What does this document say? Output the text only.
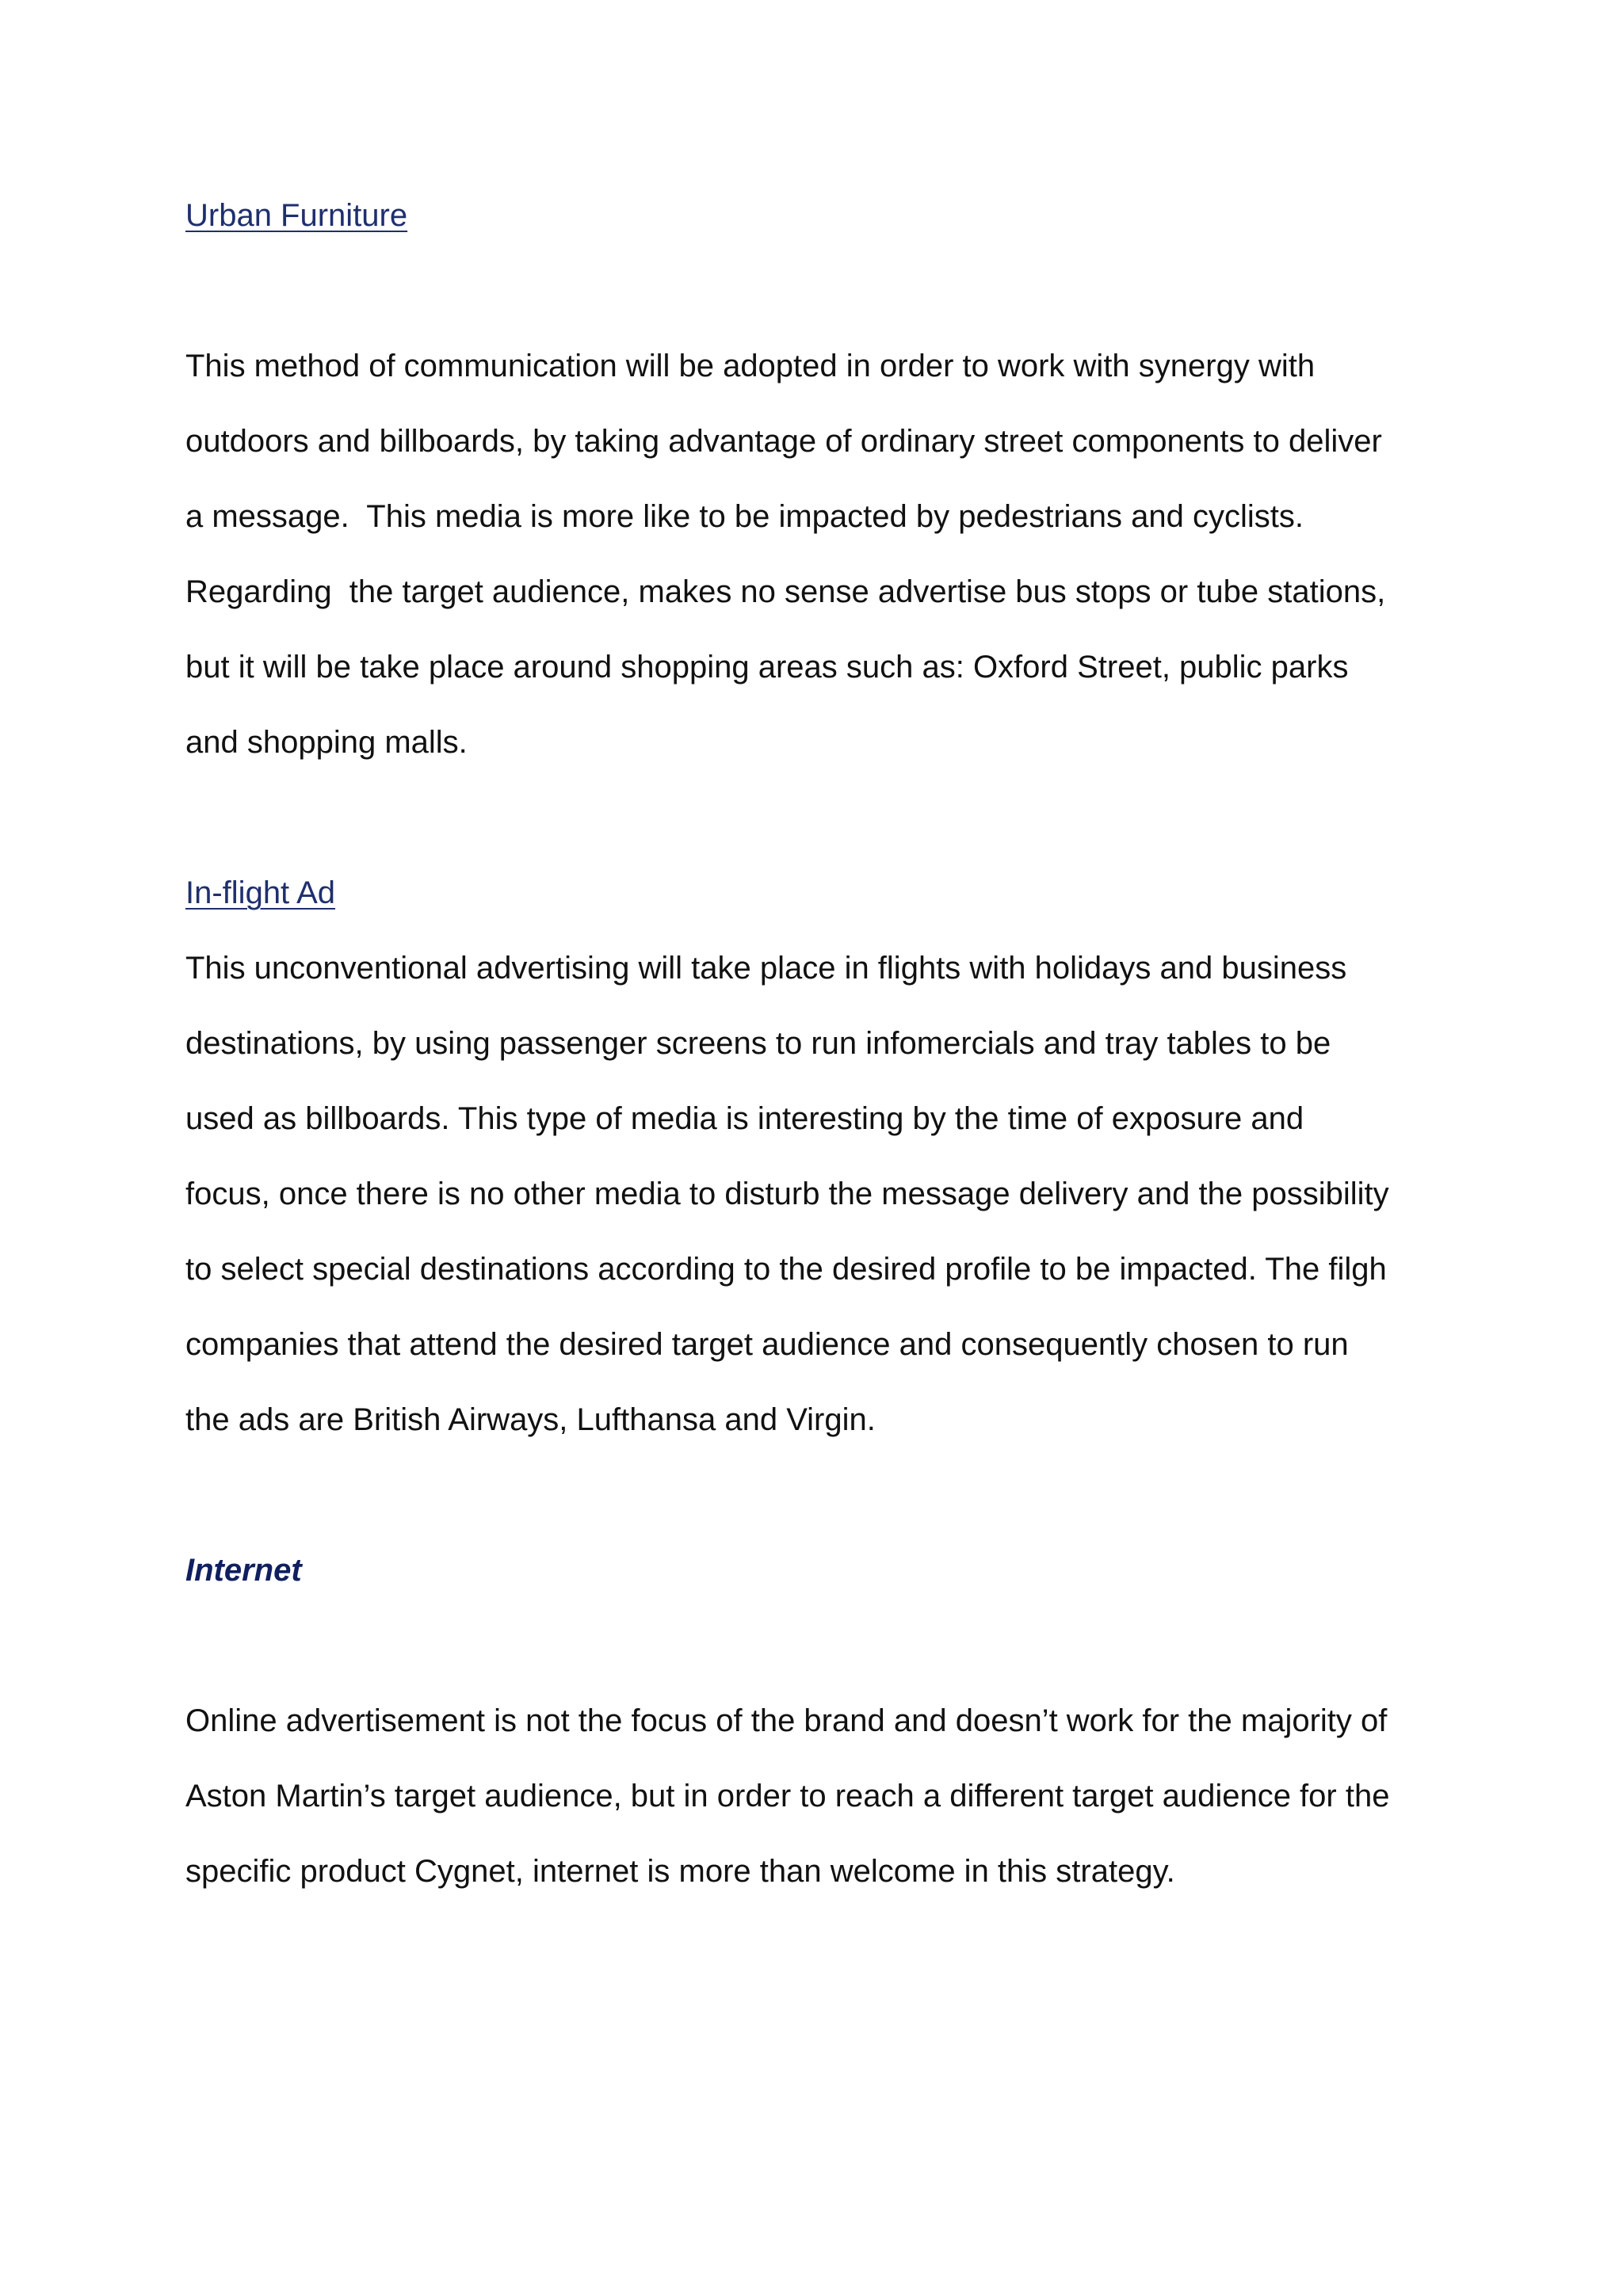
Urban Furniture
This method of communication will be adopted in order to work with synergy with
outdoors and billboards, by taking advantage of ordinary street components to deliver
a message.  This media is more like to be impacted by pedestrians and cyclists.
Regarding  the target audience, makes no sense advertise bus stops or tube stations,
but it will be take place around shopping areas such as: Oxford Street, public parks
and shopping malls.
In-flight Ad
This unconventional advertising will take place in flights with holidays and business
destinations, by using passenger screens to run infomercials and tray tables to be
used as billboards. This type of media is interesting by the time of exposure and
focus, once there is no other media to disturb the message delivery and the possibility
to select special destinations according to the desired profile to be impacted. The filgh
companies that attend the desired target audience and consequently chosen to run
the ads are British Airways, Lufthansa and Virgin.
Internet
Online advertisement is not the focus of the brand and doesn’t work for the majority of
Aston Martin’s target audience, but in order to reach a different target audience for the
specific product Cygnet, internet is more than welcome in this strategy.
